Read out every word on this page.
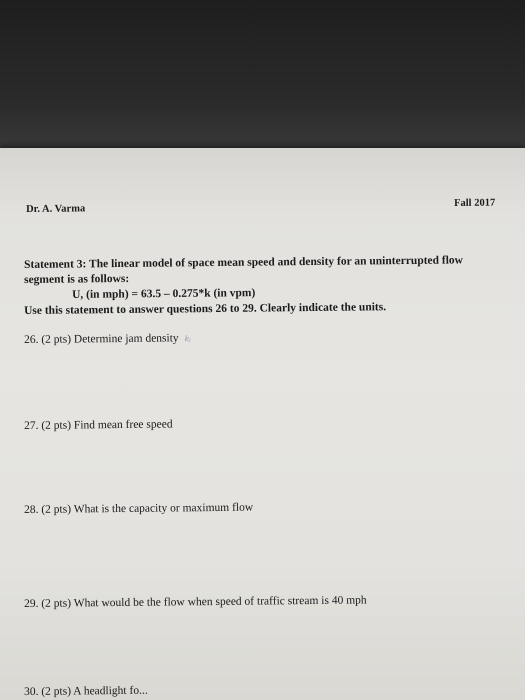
Dr. A. Varma
Fall 2017
Statement 3: The linear model of space mean speed and density for an uninterrupted flow
segment is as follows:
U, (in mph) = 63.5 – 0.275*k (in vpm)
Use this statement to answer questions 26 to 29. Clearly indicate the units.
26. (2 pts) Determine jam density kⱼ
27. (2 pts) Find mean free speed
28. (2 pts) What is the capacity or maximum flow
29. (2 pts) What would be the flow when speed of traffic stream is 40 mph
30. (2 pts) A headlight fo...
